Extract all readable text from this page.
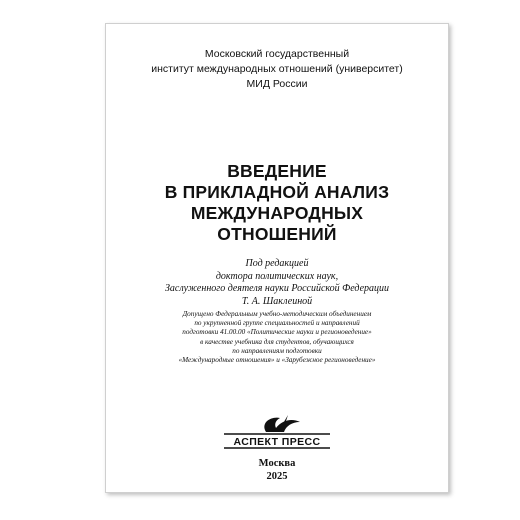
Московский государственный
институт международных отношений (университет)
МИД России
ВВЕДЕНИЕ
В ПРИКЛАДНОЙ АНАЛИЗ
МЕЖДУНАРОДНЫХ
ОТНОШЕНИЙ
Под редакцией
доктора политических наук,
Заслуженного деятеля науки Российской Федерации
Т. А. Шаклеиной
Допущено Федеральным учебно-методическим объединением
по укрупненной группе специальностей и направлений
подготовки 41.00.00 «Политические науки и регионоведение»
в качестве учебника для студентов, обучающихся
по направлениям подготовки
«Международные отношения» и «Зарубежное регионоведение»
АСПЕКТ ПРЕСС
Москва
2025
